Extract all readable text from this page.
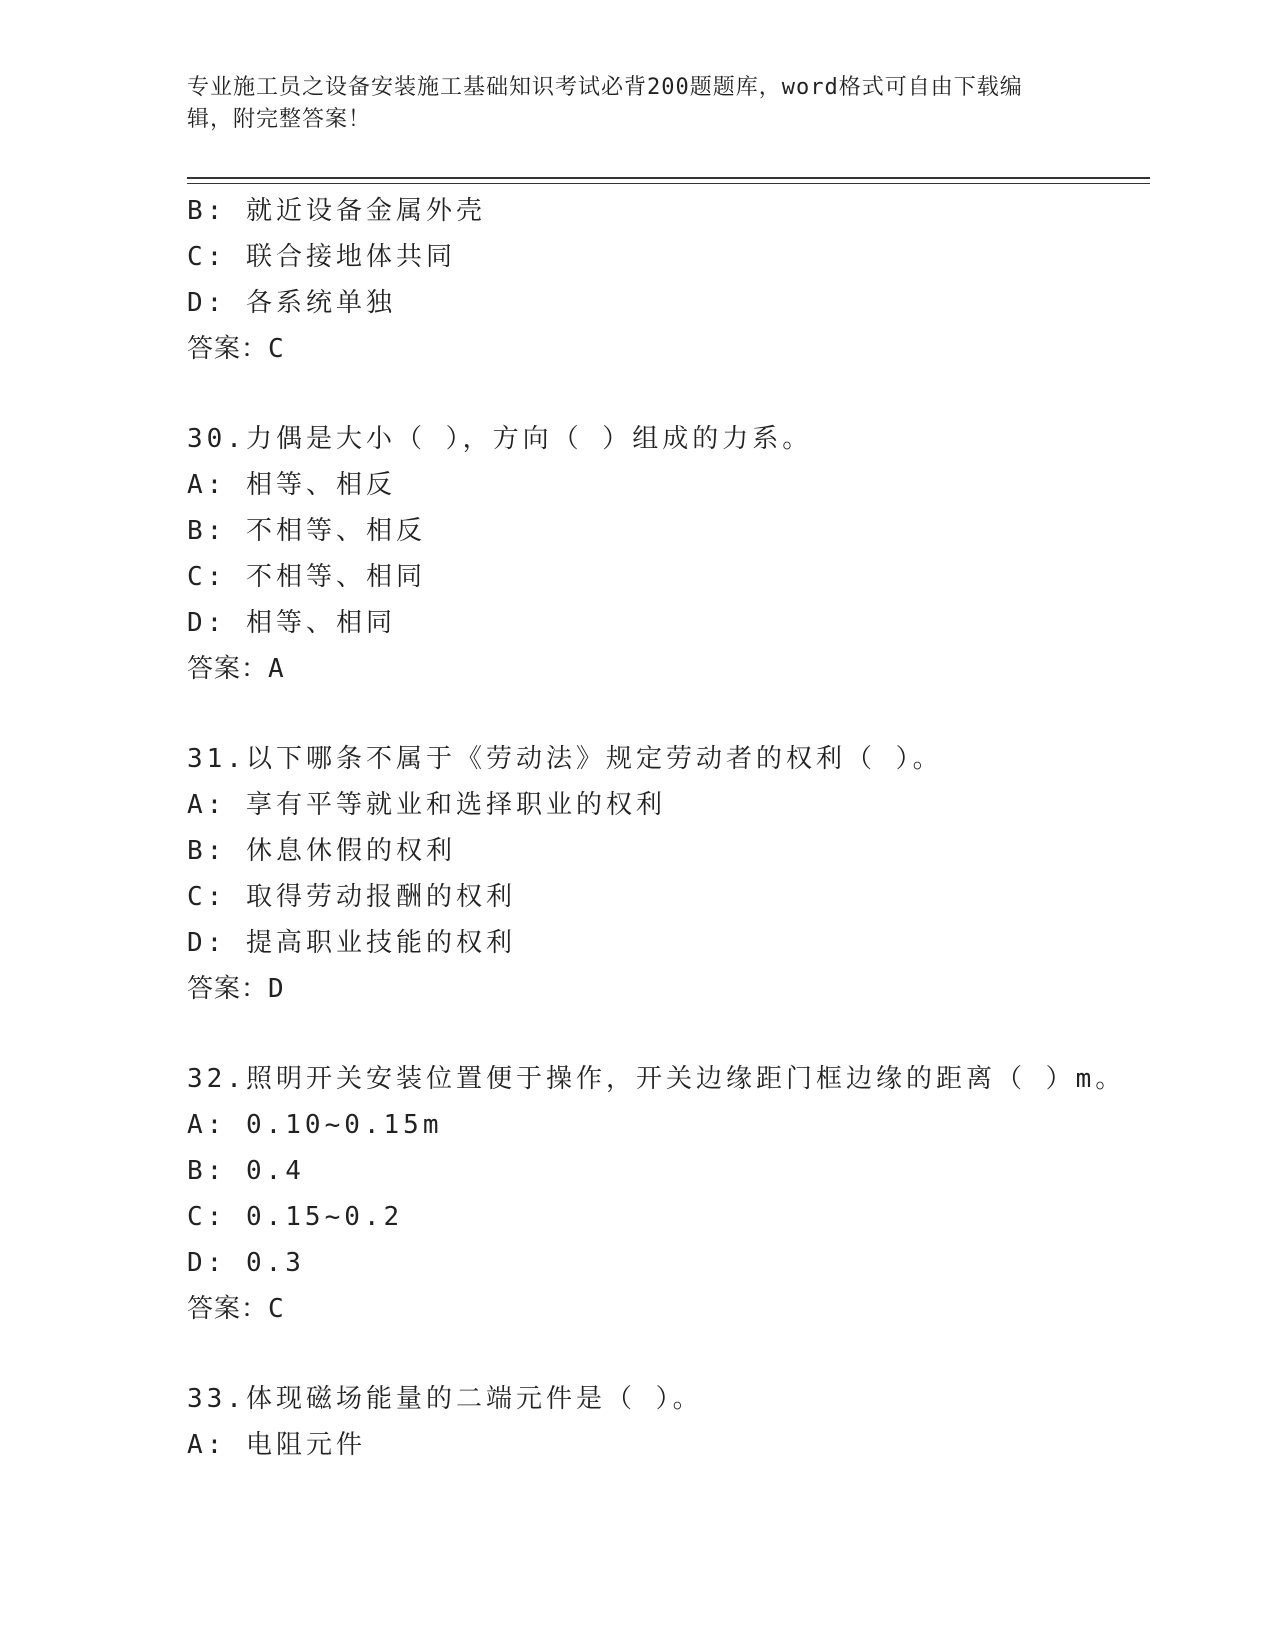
专业施工员之设备安装施工基础知识考试必背200题题库，word格式可自由下载编辑，附完整答案！
B: 就近设备金属外壳
C: 联合接地体共同
D: 各系统单独
答案：C
30.力偶是大小（ ），方向（ ）组成的力系。
A: 相等、相反
B: 不相等、相反
C: 不相等、相同
D: 相等、相同
答案：A
31.以下哪条不属于《劳动法》规定劳动者的权利（ ）。
A: 享有平等就业和选择职业的权利
B: 休息休假的权利
C: 取得劳动报酬的权利
D: 提高职业技能的权利
答案：D
32.照明开关安装位置便于操作，开关边缘距门框边缘的距离（ ）m。
A: 0.10~0.15m
B: 0.4
C: 0.15~0.2
D: 0.3
答案：C
33.体现磁场能量的二端元件是（ ）。
A: 电阻元件
